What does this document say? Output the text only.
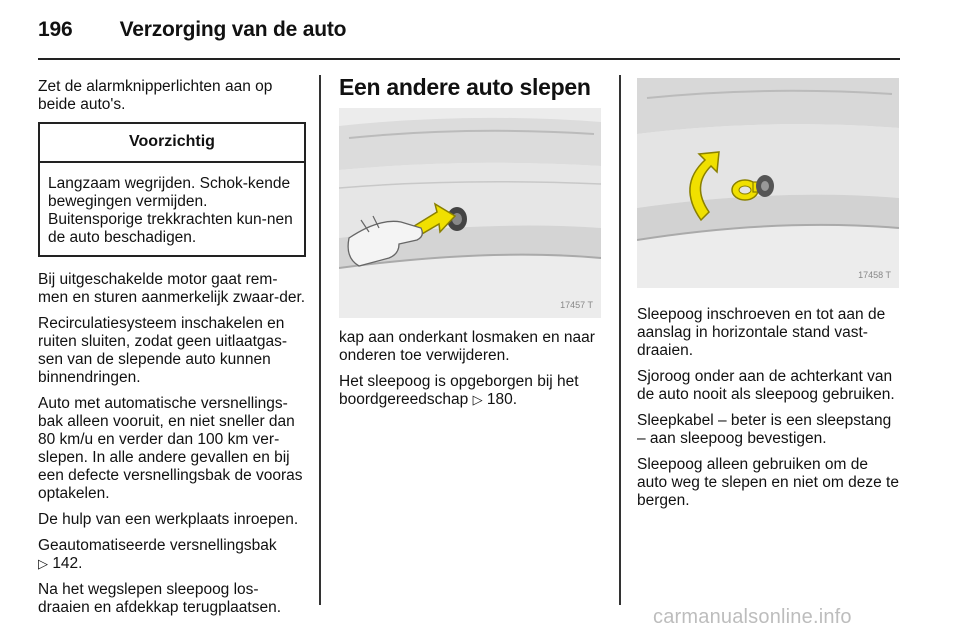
196 Verzorging van de auto

Zet de alarmknipperlichten aan op beide auto's.

Voorzichtig
Langzaam wegrijden. Schok-kende bewegingen vermijden. Buitensporige trekkrachten kun-nen de auto beschadigen.

Bij uitgeschakelde motor gaat rem-men en sturen aanmerkelijk zwaar-der.

Recirculatiesysteem inschakelen en ruiten sluiten, zodat geen uitlaatgas-sen van de slepende auto kunnen binnendringen.

Auto met automatische versnellings-bak alleen vooruit, en niet sneller dan 80 km/u en verder dan 100 km ver-slepen. In alle andere gevallen en bij een defecte versnellingsbak de vooras optakelen.

De hulp van een werkplaats inroepen.

Geautomatiseerde versnellingsbak
▷ 142.

Na het wegslepen sleepoog los-draaien en afdekkap terugplaatsen.

Een andere auto slepen
17457 T

kap aan onderkant losmaken en naar onderen toe verwijderen.

Het sleepoog is opgeborgen bij het boordgereedschap ▷ 180.

17458 T

Sleepoog inschroeven en tot aan de aanslag in horizontale stand vast-draaien.

Sjoroog onder aan de achterkant van de auto nooit als sleepoog gebruiken.

Sleepkabel – beter is een sleepstang – aan sleepoog bevestigen.

Sleepoog alleen gebruiken om de auto weg te slepen en niet om deze te bergen.

carmanualsonline.info
